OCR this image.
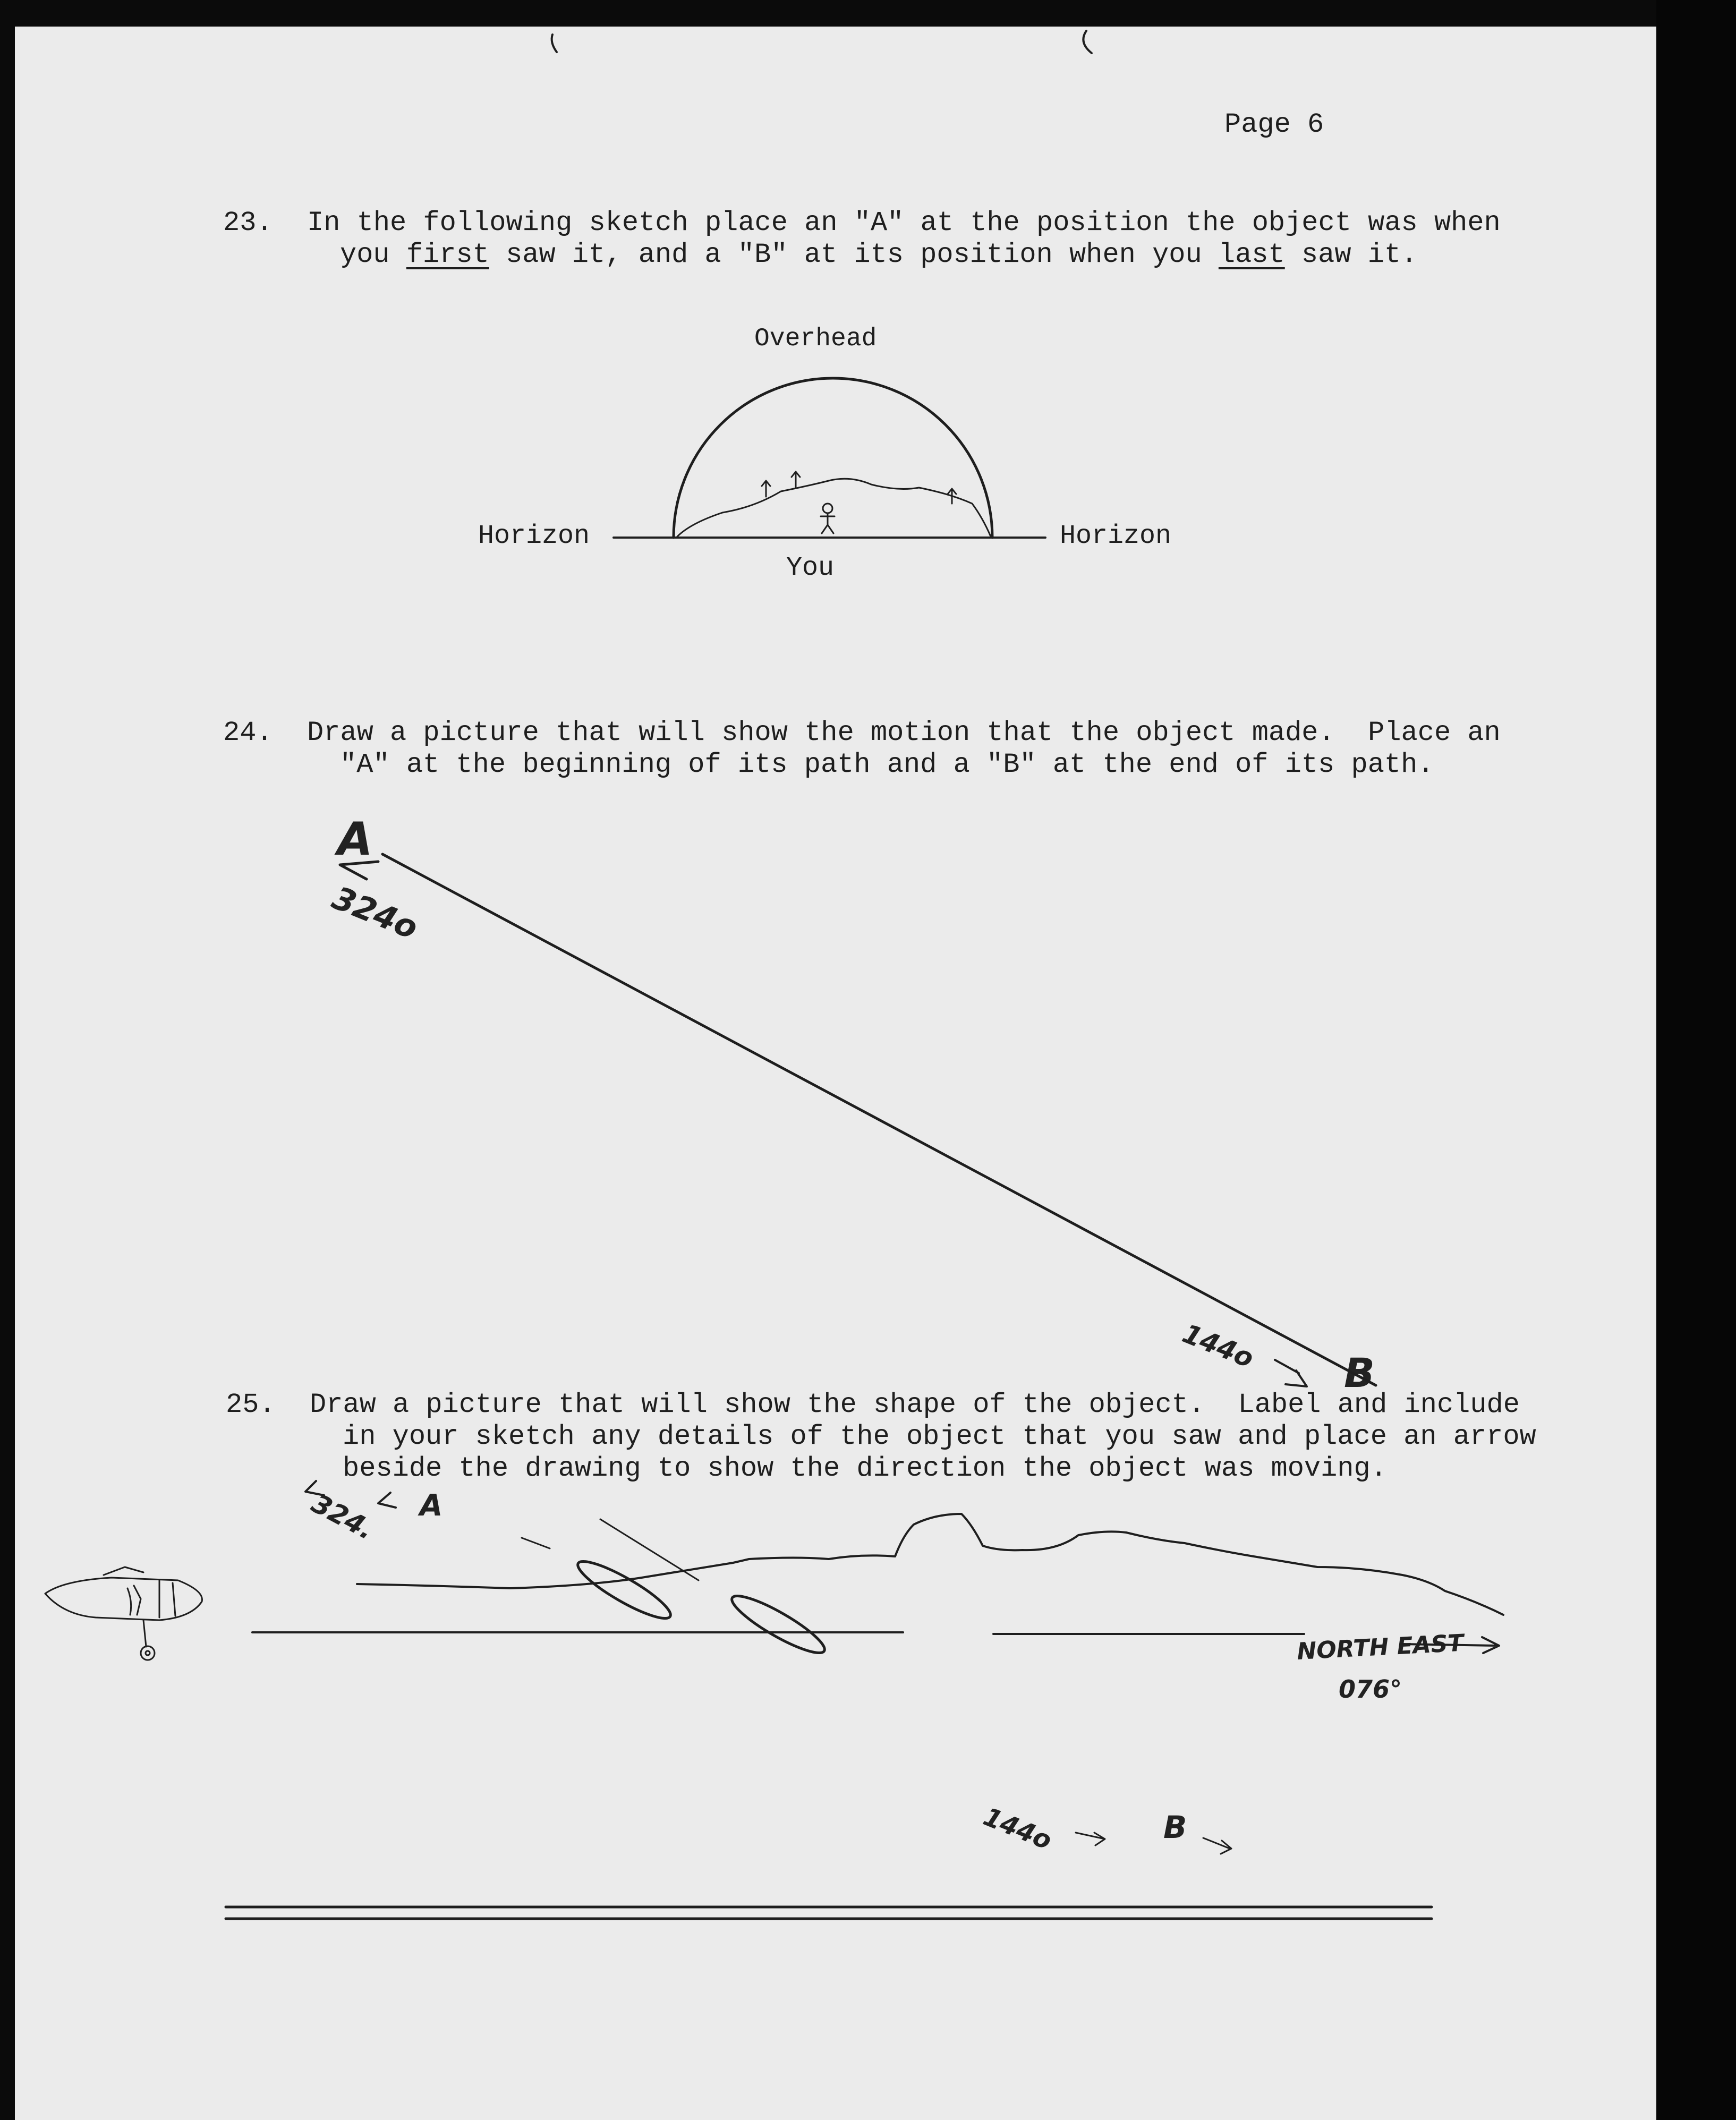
Page 6
23. In the following sketch place an "A" at the position the object was when
you first saw it, and a "B" at its position when you last saw it.
Overhead
Horizon	Horizon
You
24. Draw a picture that will show the motion that the object made.  Place an
"A" at the beginning of its path and a "B" at the end of its path.
A
324o
144o B
25. Draw a picture that will show the shape of the object.  Label and include
in your sketch any details of the object that you saw and place an arrow
beside the drawing to show the direction the object was moving.
324. A
NORTH EAST
076°
144o	B
